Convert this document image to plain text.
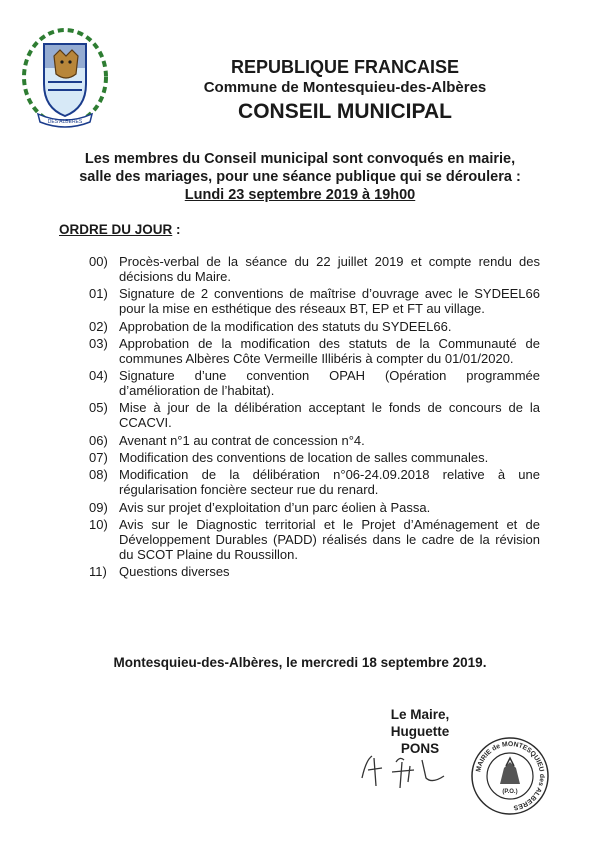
DES ALBERES
REPUBLIQUE FRANCAISE
Commune de Montesquieu-des-Albères
CONSEIL MUNICIPAL
Les membres du Conseil municipal sont convoqués en mairie,
salle des mariages, pour une séance publique qui se déroulera :
Lundi 23 septembre 2019 à 19h00
ORDRE DU JOUR :
00) Procès-verbal de la séance du 22 juillet 2019 et compte rendu des décisions du Maire.
01) Signature de 2 conventions de maîtrise d’ouvrage avec le SYDEEL66 pour la mise en esthétique des réseaux BT, EP et FT au village.
02) Approbation de la modification des statuts du SYDEEL66.
03) Approbation de la modification des statuts de la Communauté de communes Albères Côte Vermeille Illibéris à compter du 01/01/2020.
04) Signature d’une convention OPAH (Opération programmée d’amélioration de l’habitat).
05) Mise à jour de la délibération acceptant le fonds de concours de la CCACVI.
06) Avenant n°1 au contrat de concession n°4.
07) Modification des conventions de location de salles communales.
08) Modification de la délibération n°06-24.09.2018 relative à une régularisation foncière secteur rue du renard.
09) Avis sur projet d’exploitation d’un parc éolien à Passa.
10) Avis sur le Diagnostic territorial et le Projet d’Aménagement et de Développement Durables (PADD) réalisés dans le cadre de la révision du SCOT Plaine du Roussillon.
11) Questions diverses
Montesquieu-des-Albères, le mercredi 18 septembre 2019.
Le Maire,
Huguette PONS
MAIRIE de MONTESQUIEU des ALBERES
(P.O.)
